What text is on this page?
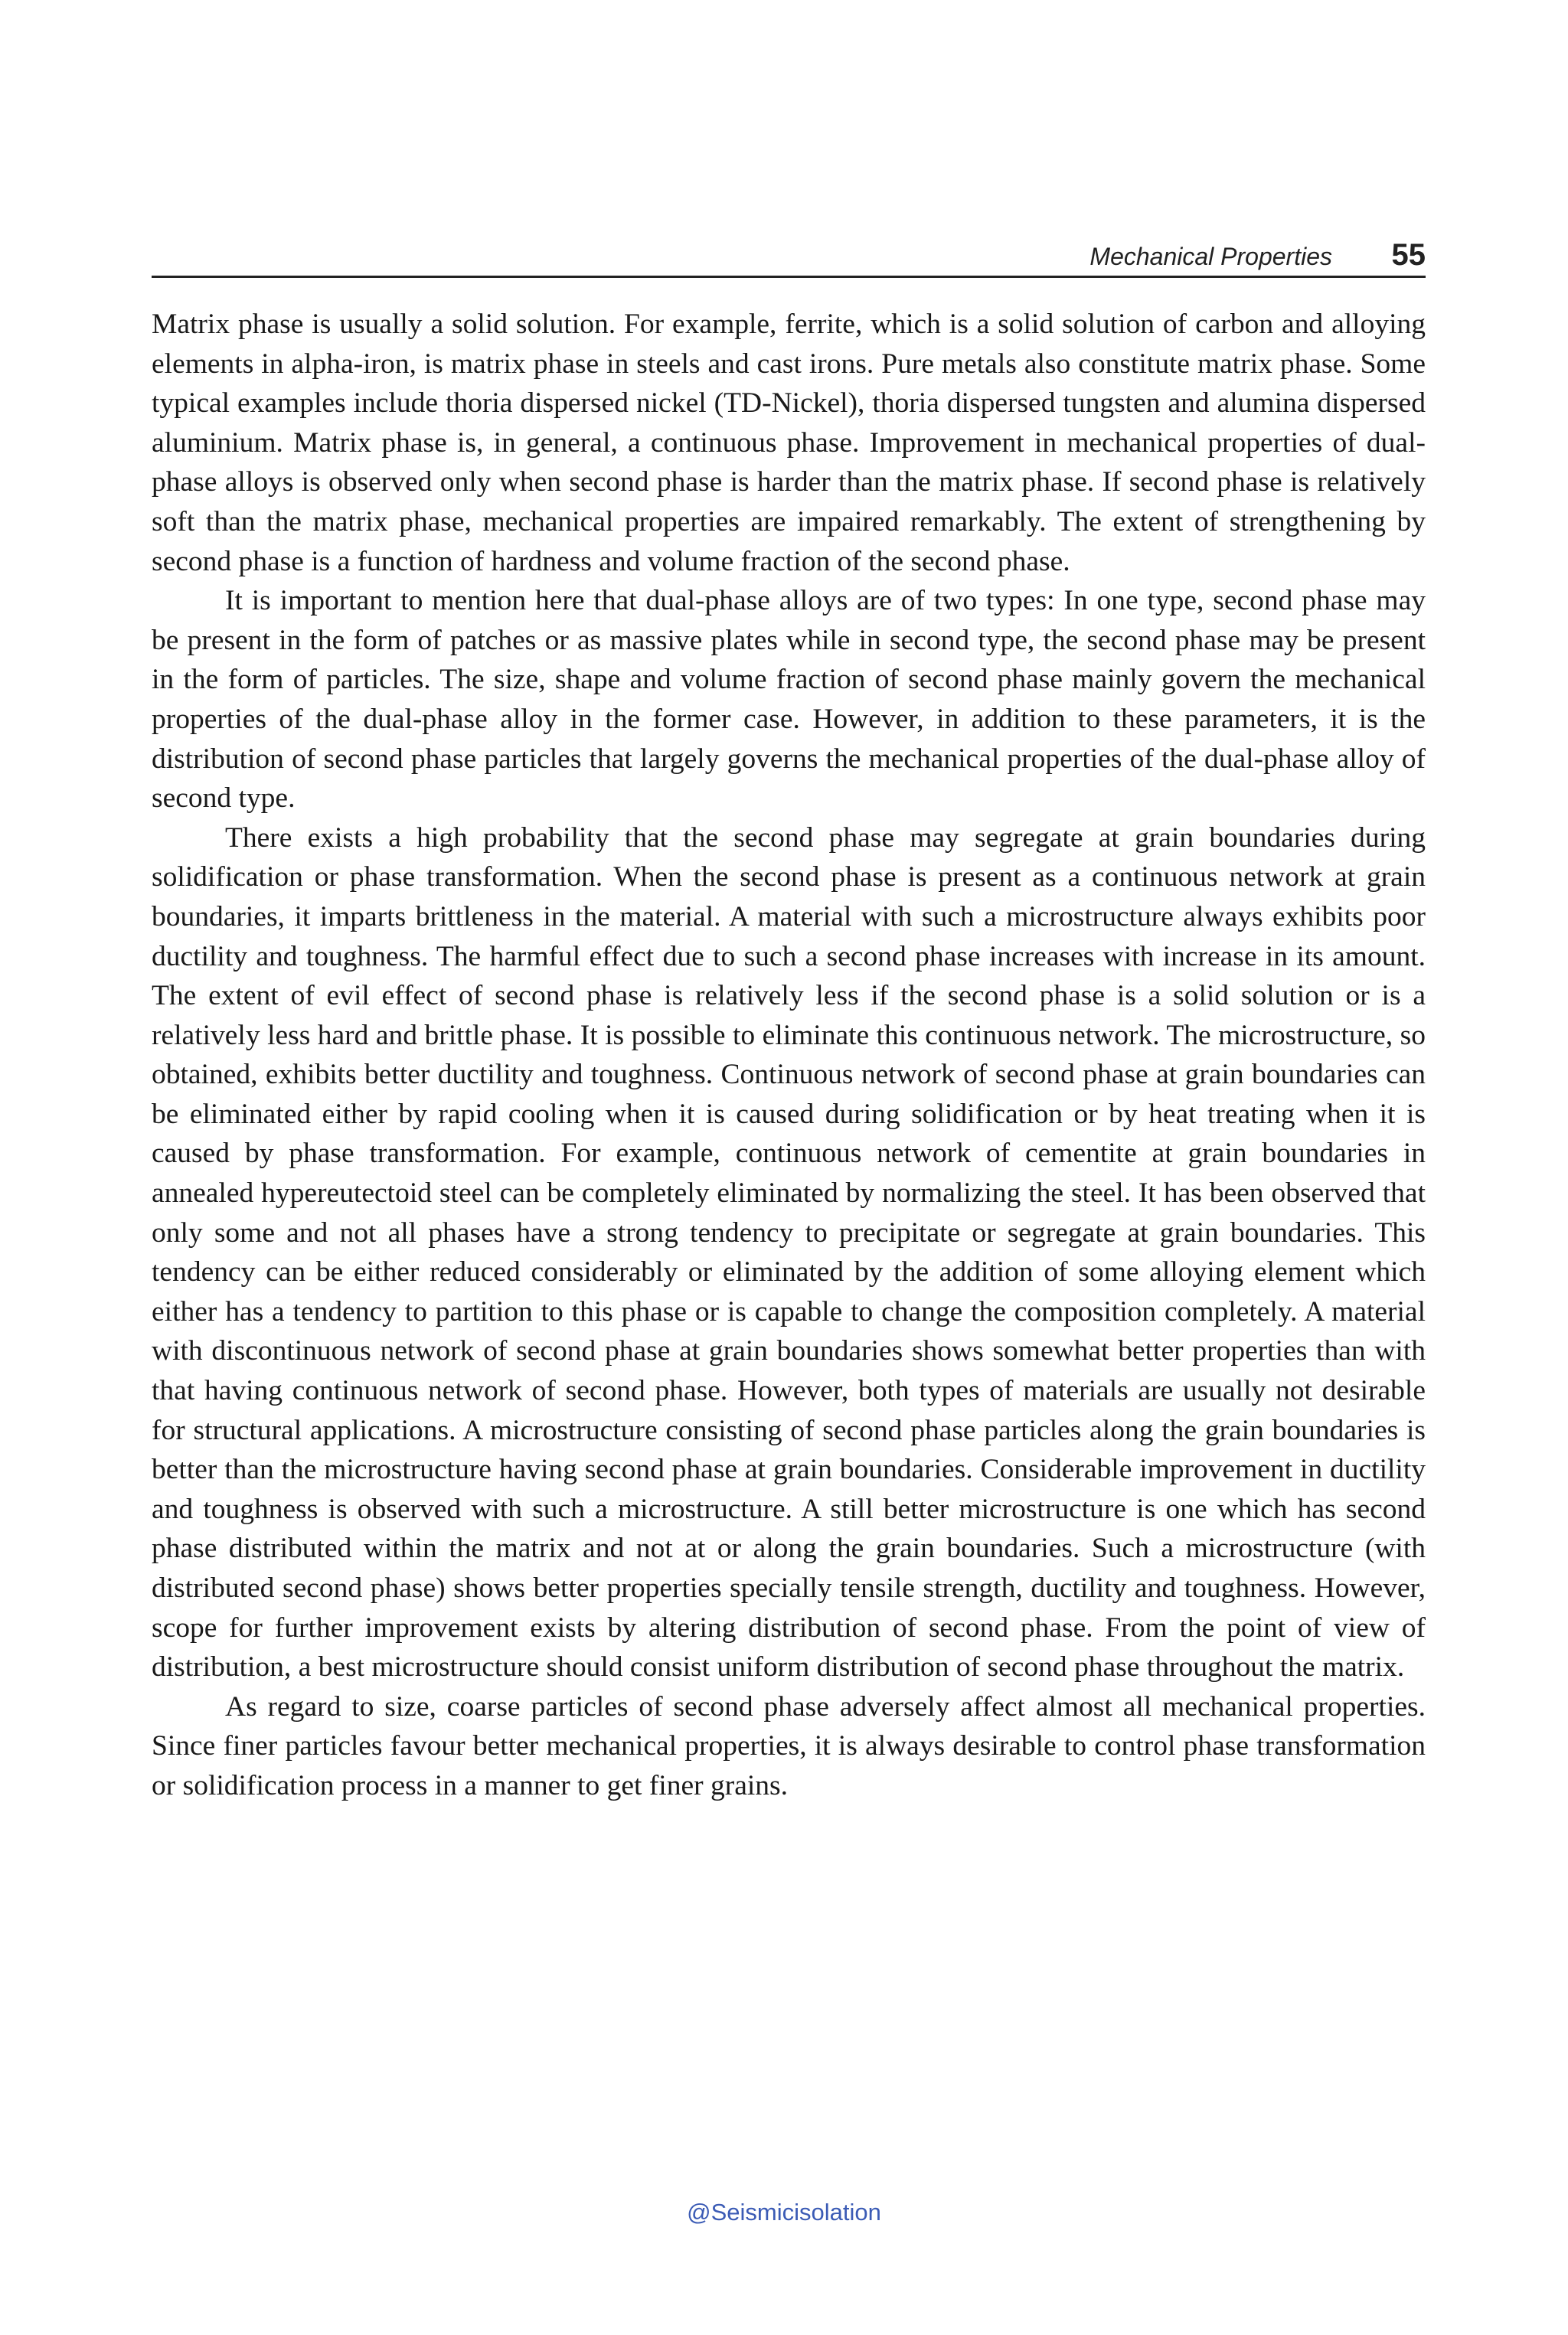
Mechanical Properties 55

Matrix phase is usually a solid solution. For example, ferrite, which is a solid solution of carbon and alloying elements in alpha-iron, is matrix phase in steels and cast irons. Pure metals also constitute matrix phase. Some typical examples include thoria dispersed nickel (TD-Nickel), thoria dispersed tungsten and alumina dispersed aluminium. Matrix phase is, in general, a continuous phase. Improvement in mechanical properties of dual-phase alloys is observed only when second phase is harder than the matrix phase. If second phase is relatively soft than the matrix phase, mechanical properties are impaired remarkably. The extent of strengthening by second phase is a function of hardness and volume fraction of the second phase.

It is important to mention here that dual-phase alloys are of two types: In one type, second phase may be present in the form of patches or as massive plates while in second type, the second phase may be present in the form of particles. The size, shape and volume fraction of second phase mainly govern the mechanical properties of the dual-phase alloy in the former case. However, in addition to these parameters, it is the distribution of second phase particles that largely governs the mechanical properties of the dual-phase alloy of second type.

There exists a high probability that the second phase may segregate at grain boundaries during solidification or phase transformation. When the second phase is present as a continuous network at grain boundaries, it imparts brittleness in the material. A material with such a microstructure always exhibits poor ductility and toughness. The harmful effect due to such a second phase increases with increase in its amount. The extent of evil effect of second phase is relatively less if the second phase is a solid solution or is a relatively less hard and brittle phase. It is possible to eliminate this continuous network. The microstructure, so obtained, exhibits better ductility and toughness. Continuous network of second phase at grain boundaries can be eliminated either by rapid cooling when it is caused during solidification or by heat treating when it is caused by phase transformation. For example, continuous network of cementite at grain boundaries in annealed hypereutectoid steel can be completely eliminated by normalizing the steel. It has been observed that only some and not all phases have a strong tendency to precipitate or segregate at grain boundaries. This tendency can be either reduced considerably or eliminated by the addition of some alloying element which either has a tendency to partition to this phase or is capable to change the composition completely. A material with discontinuous network of second phase at grain boundaries shows somewhat better properties than with that having continuous network of second phase. However, both types of materials are usually not desirable for structural applications. A microstructure consisting of second phase particles along the grain boundaries is better than the microstructure having second phase at grain boundaries. Considerable improvement in ductility and toughness is observed with such a microstructure. A still better microstructure is one which has second phase distributed within the matrix and not at or along the grain boundaries. Such a microstructure (with distributed second phase) shows better properties specially tensile strength, ductility and toughness. However, scope for further improvement exists by altering distribution of second phase. From the point of view of distribution, a best microstructure should consist uniform distribution of second phase throughout the matrix.

As regard to size, coarse particles of second phase adversely affect almost all mechanical properties. Since finer particles favour better mechanical properties, it is always desirable to control phase transformation or solidification process in a manner to get finer grains.

@Seismicisolation
